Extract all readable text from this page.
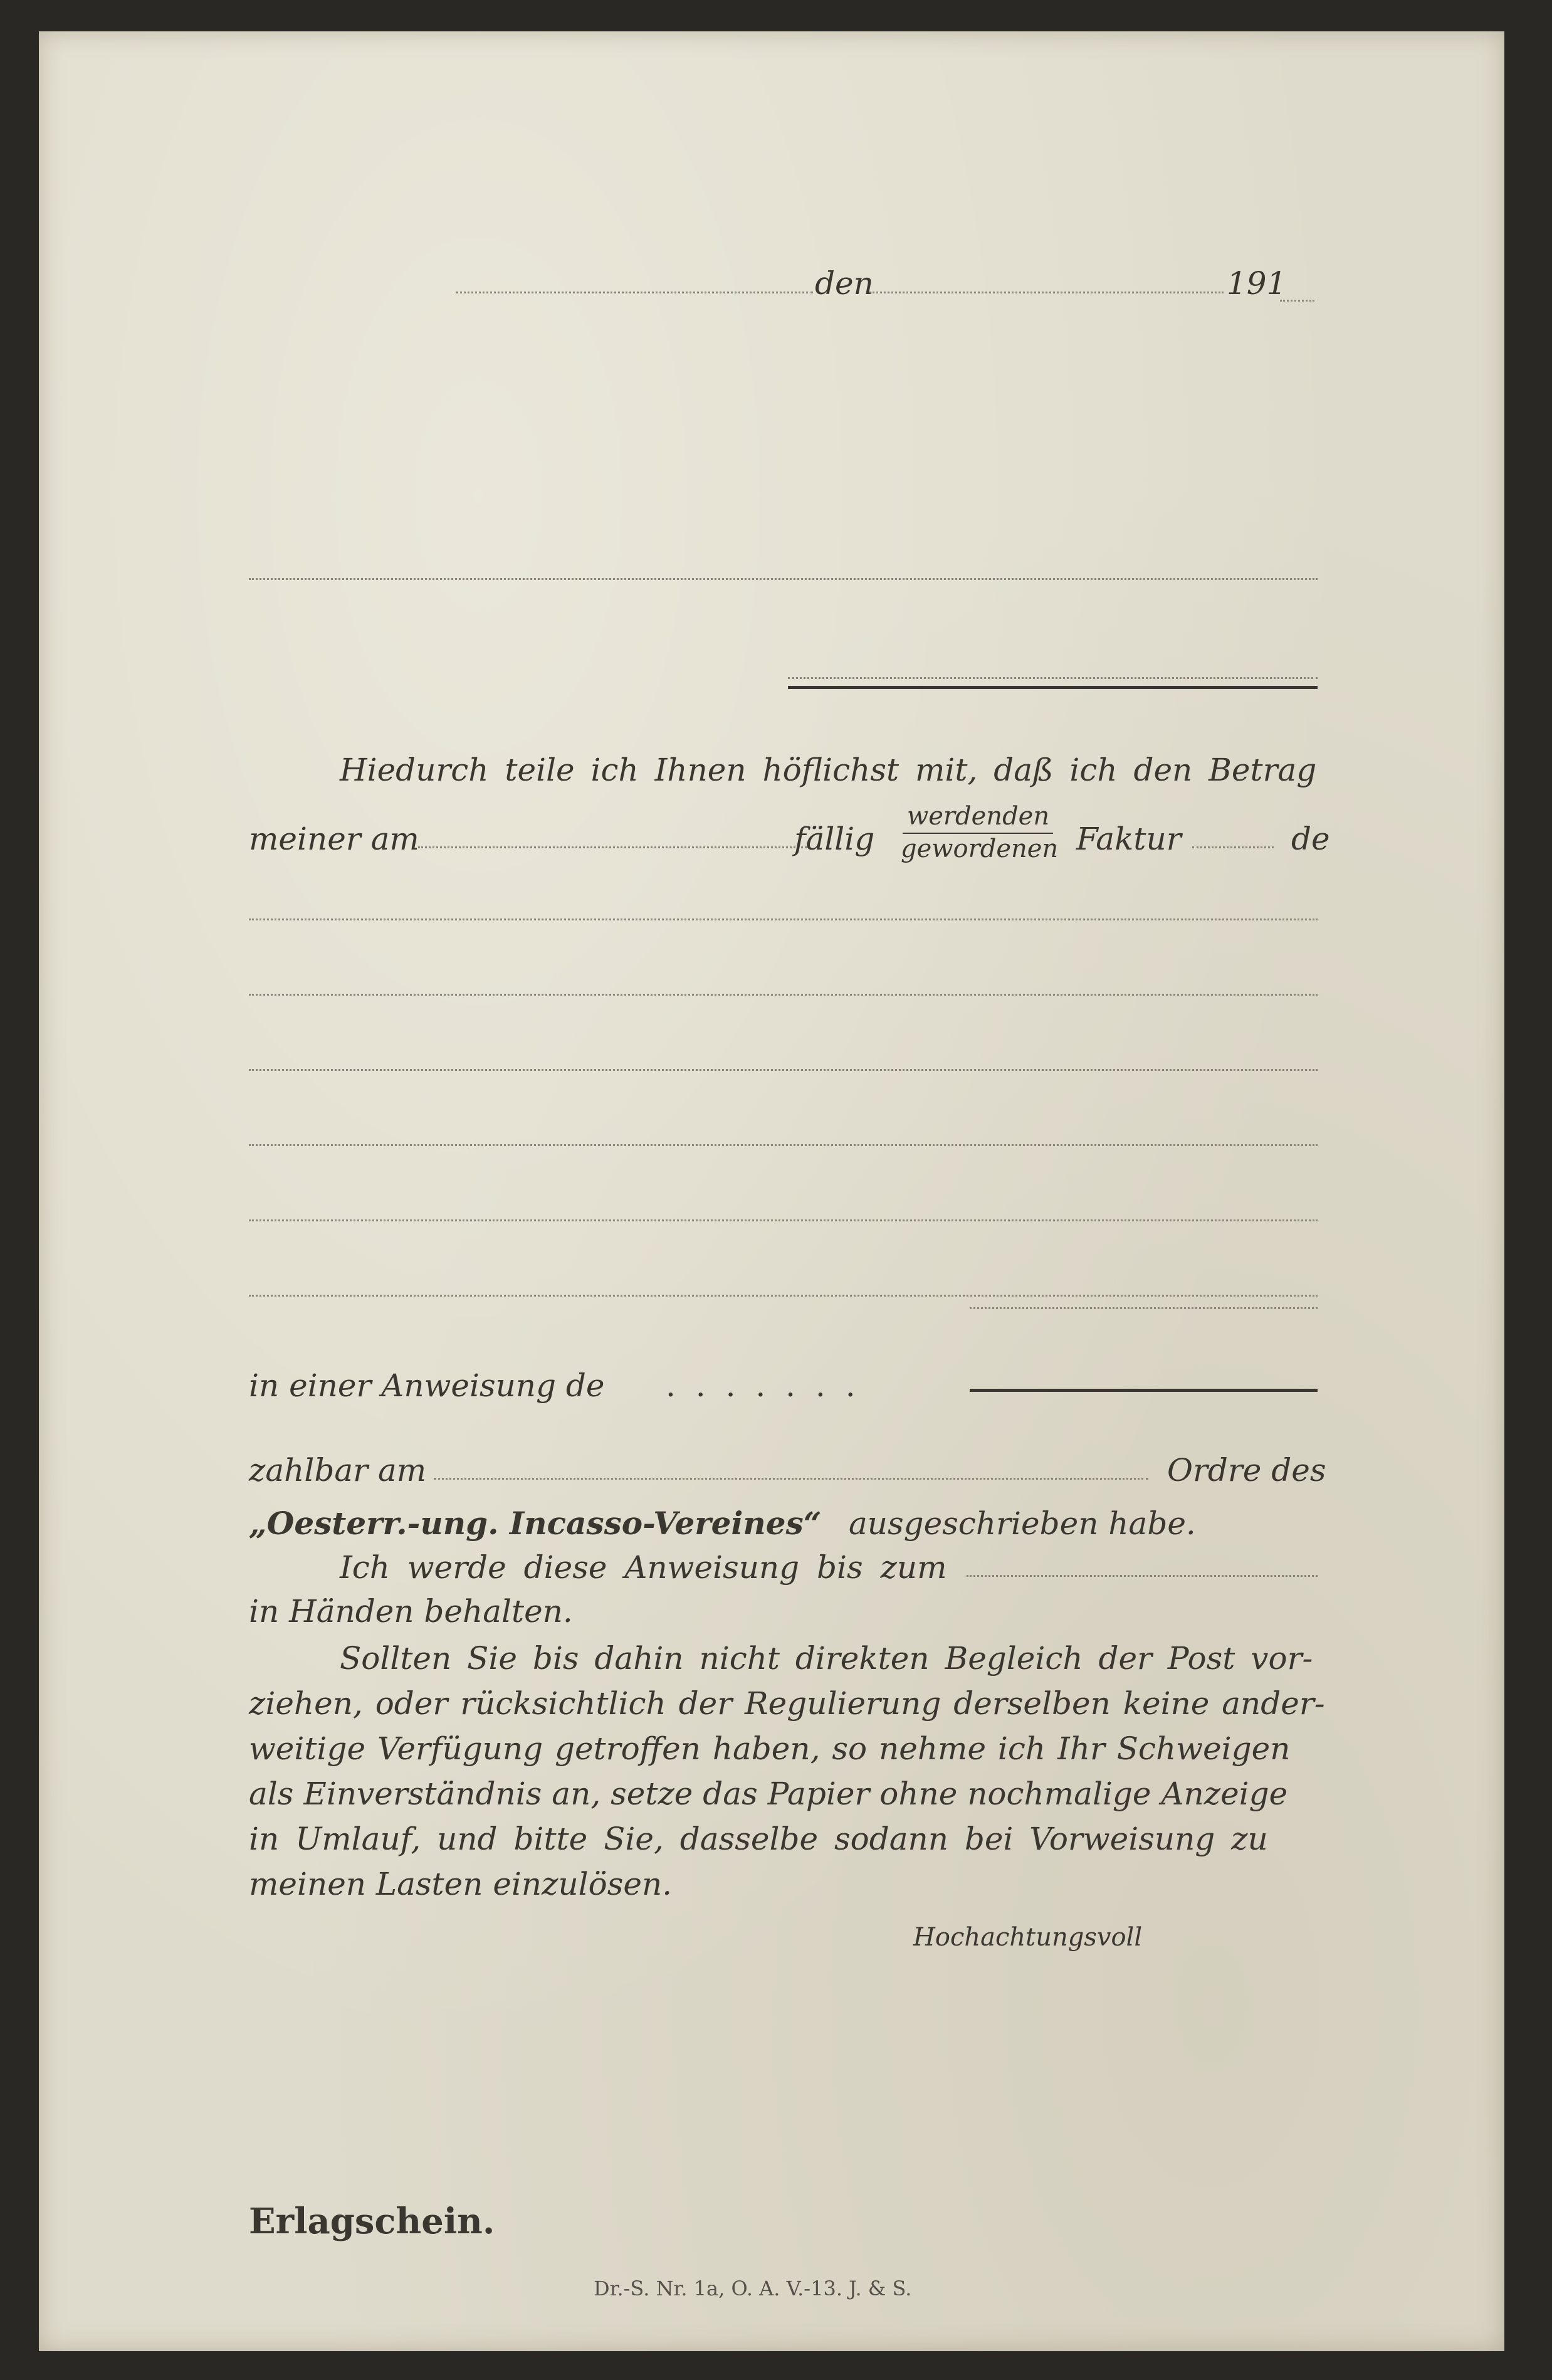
den	191
Hiedurch teile ich Ihnen höflichst mit, daß ich den Betrag
meiner am	fällig
werdenden
gewordenen Faktur	de
in einer Anweisung de . . . . . . .
zahlbar am	Ordre des
„Oesterr.-ung. Incasso-Vereines“ ausgeschrieben habe.
Ich werde diese Anweisung bis zum
in Händen behalten.
Sollten Sie bis dahin nicht direkten Begleich der Post vor-
ziehen, oder rücksichtlich der Regulierung derselben keine ander-
weitige Verfügung getroffen haben, so nehme ich Ihr Schweigen
als Einverständnis an, setze das Papier ohne nochmalige Anzeige
in Umlauf, und bitte Sie, dasselbe sodann bei Vorweisung zu
meinen Lasten einzulösen.
Hochachtungsvoll
Erlagschein.
Dr.-S. Nr. 1a, O. A. V.-13. J. & S.
